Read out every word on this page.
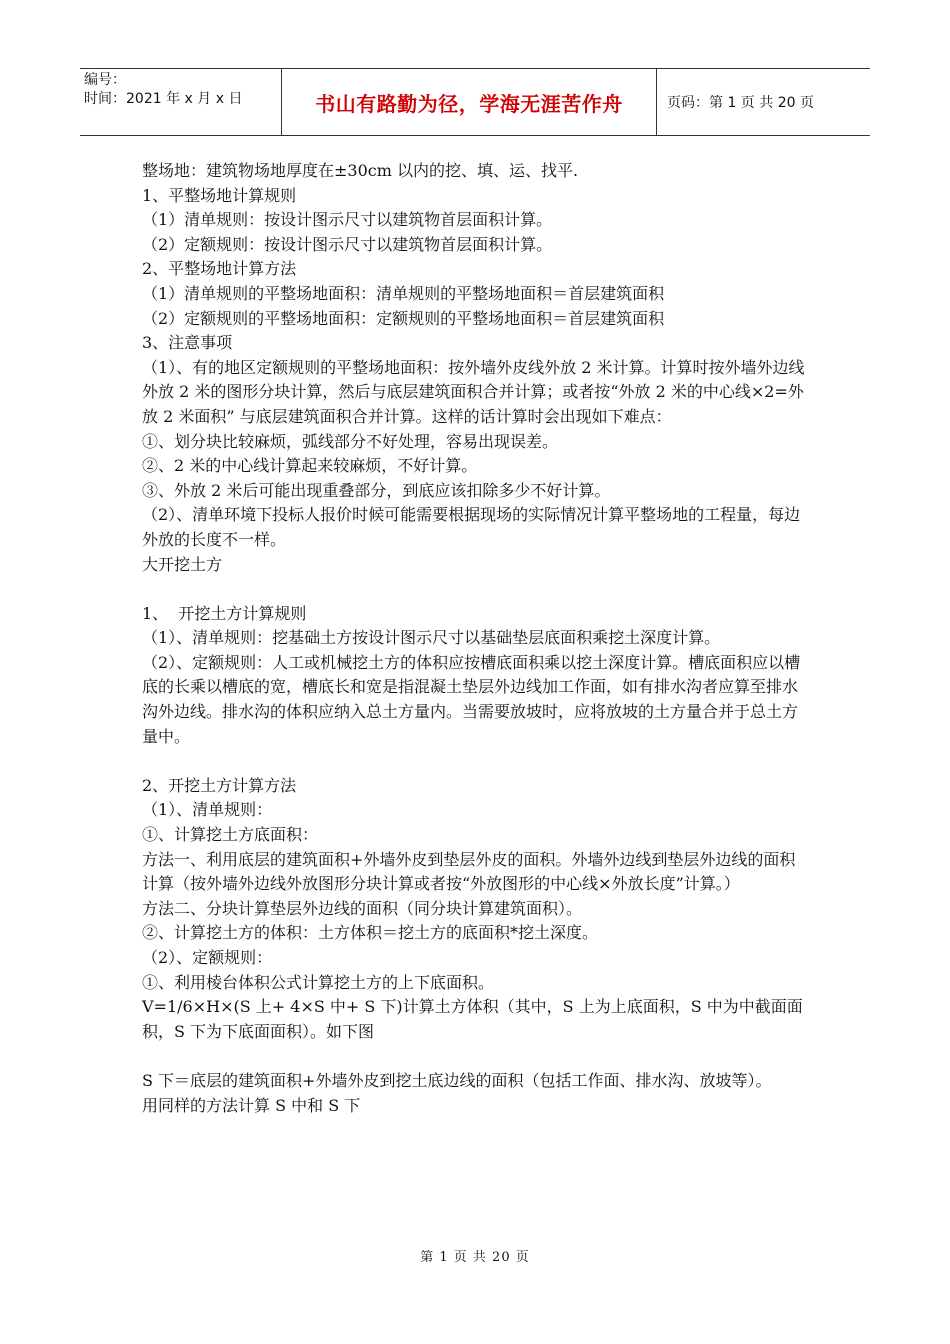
编号：
时间：2021 年 x 月 x 日	书山有路勤为径，学海无涯苦作舟	页码：第 1 页 共 20 页

整场地：建筑物场地厚度在±30cm 以内的挖、填、运、找平.

1、平整场地计算规则

（1）清单规则：按设计图示尺寸以建筑物首层面积计算。

（2）定额规则：按设计图示尺寸以建筑物首层面积计算。

2、平整场地计算方法

（1）清单规则的平整场地面积：清单规则的平整场地面积＝首层建筑面积

（2）定额规则的平整场地面积：定额规则的平整场地面积＝首层建筑面积

3、注意事项

（1）、有的地区定额规则的平整场地面积：按外墙外皮线外放 2 米计算。计算时按外墙外边线外放 2 米的图形分块计算，然后与底层建筑面积合并计算；或者按“外放 2 米的中心线×2=外放 2 米面积” 与底层建筑面积合并计算。这样的话计算时会出现如下难点：

①、划分块比较麻烦，弧线部分不好处理，容易出现误差。

②、2 米的中心线计算起来较麻烦，不好计算。

③、外放 2 米后可能出现重叠部分，到底应该扣除多少不好计算。

（2）、清单环境下投标人报价时候可能需要根据现场的实际情况计算平整场地的工程量，每边外放的长度不一样。

大开挖土方

1、  开挖土方计算规则

（1）、清单规则：挖基础土方按设计图示尺寸以基础垫层底面积乘挖土深度计算。

（2）、定额规则：人工或机械挖土方的体积应按槽底面积乘以挖土深度计算。槽底面积应以槽底的长乘以槽底的宽，槽底长和宽是指混凝土垫层外边线加工作面，如有排水沟者应算至排水沟外边线。排水沟的体积应纳入总土方量内。当需要放坡时，应将放坡的土方量合并于总土方量中。

2、开挖土方计算方法

（1）、清单规则：

①、计算挖土方底面积：

方法一、利用底层的建筑面积+外墙外皮到垫层外皮的面积。外墙外边线到垫层外边线的面积计算（按外墙外边线外放图形分块计算或者按“外放图形的中心线×外放长度”计算。）

方法二、分块计算垫层外边线的面积（同分块计算建筑面积）。

②、计算挖土方的体积：土方体积＝挖土方的底面积*挖土深度。

（2）、定额规则：

①、利用棱台体积公式计算挖土方的上下底面积。

V=1/6×H×(S 上+ 4×S 中+ S 下)计算土方体积（其中，S 上为上底面积，S 中为中截面面积，S 下为下底面面积）。如下图

S 下＝底层的建筑面积+外墙外皮到挖土底边线的面积（包括工作面、排水沟、放坡等）。

用同样的方法计算 S 中和 S 下

第 1 页 共 20 页
